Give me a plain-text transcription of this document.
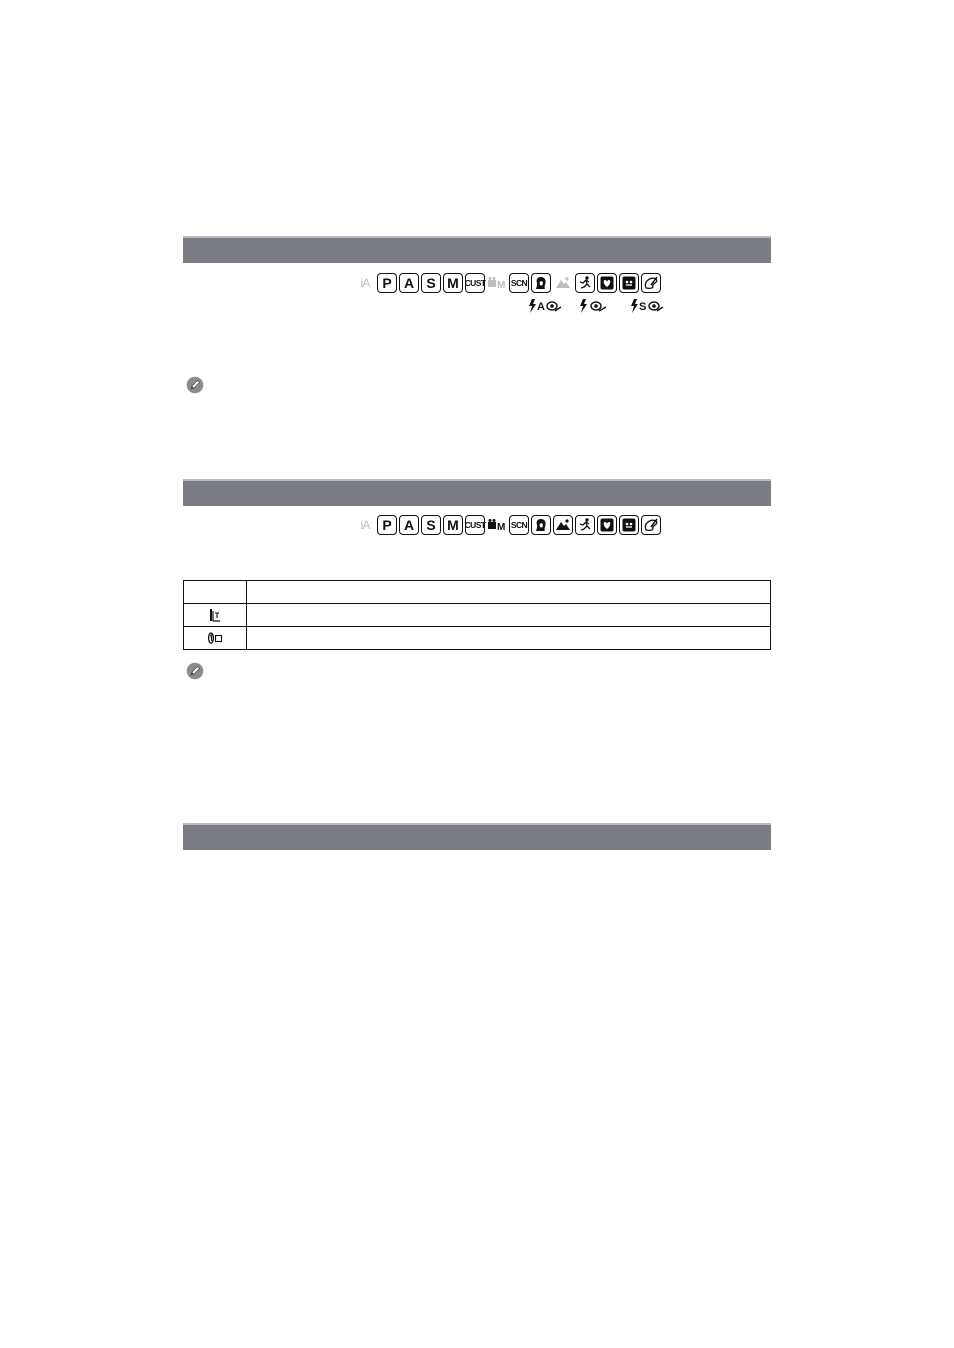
iA P A S M CUST M SCN
A	S
iA P A S M CUST M SCN
